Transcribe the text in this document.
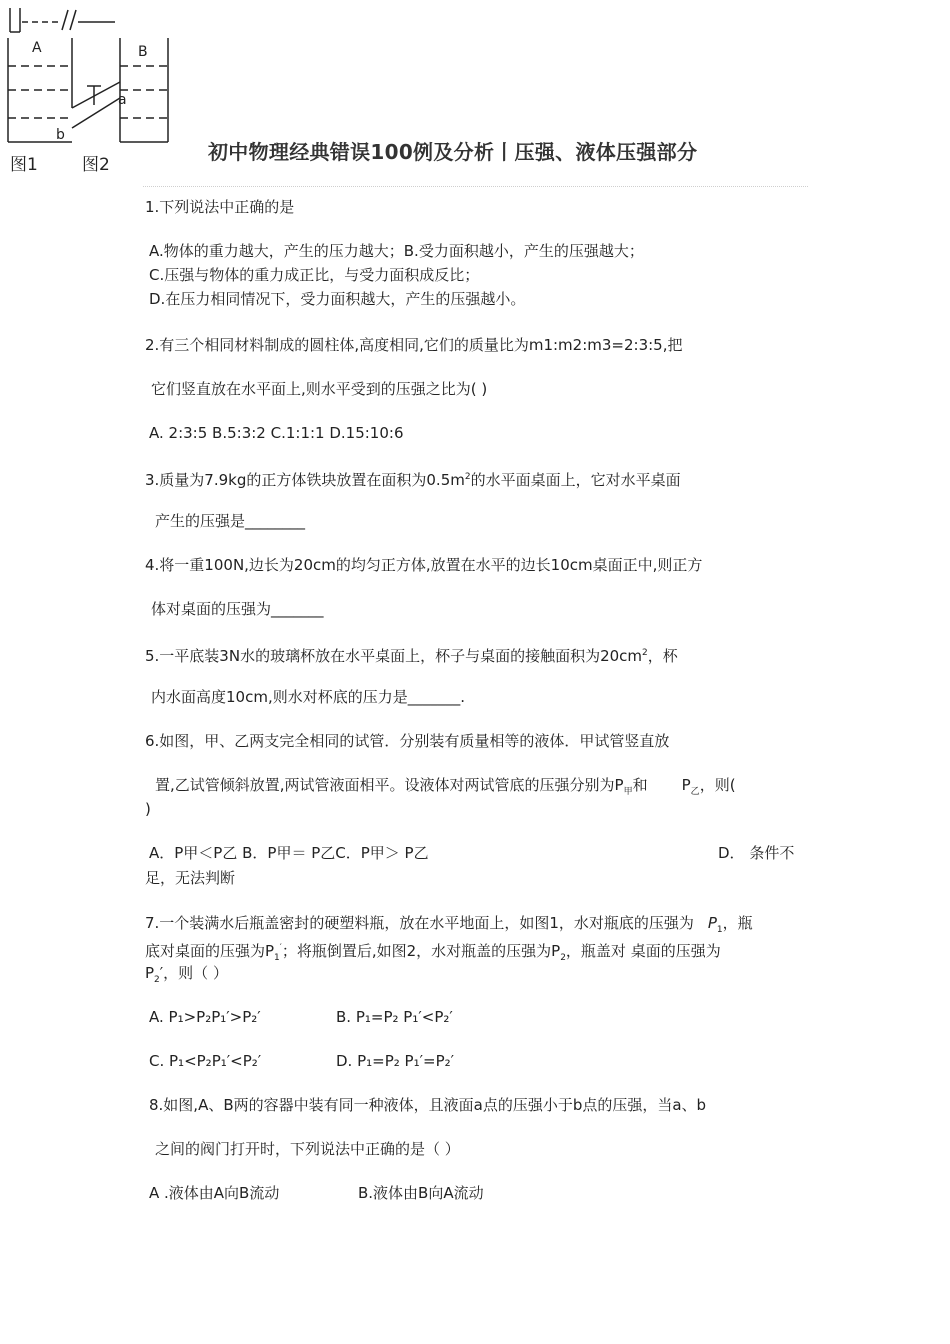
A	B
a
b
图1	图2
初中物理经典错误100例及分析丨压强、液体压强部分
1.下列说法中正确的是
A.物体的重力越大，产生的压力越大；B.受力面积越小，产生的压强越大；
C.压强与物体的重力成正比，与受力面积成反比；
D.在压力相同情况下，受力面积越大，产生的压强越小。
2.有三个相同材料制成的圆柱体,高度相同,它们的质量比为m1:m2:m3=2:3:5,把
它们竖直放在水平面上,则水平受到的压强之比为( )
A. 2:3:5 B.5:3:2 C.1:1:1 D.15:10:6
3.质量为7.9kg的正方体铁块放置在面积为$0.5m^2$的水平面桌面上，它对水平桌面
产生的压强是________
4.将一重100N,边长为20cm的均匀正方体,放置在水平的边长10cm桌面正中,则正方
体对桌面的压强为_______
5.一平底装3N水的玻璃杯放在水平桌面上，杯子与桌面的接触面积为$20cm^2$，杯
内水面高度10cm,则水对杯底的压力是_______.
6.如图，甲、乙两支完全相同的试管．分别装有质量相等的液体．甲试管竖直放
置,乙试管倾斜放置,两试管液面相平。设液体对两试管底的压强分别为$P_甲$和 $P_乙$，则(
)
A．P甲＜P乙 B．P甲＝ P乙C．P甲＞ P乙	D． 条件不
足，无法判断
7.一个装满水后瓶盖密封的硬塑料瓶，放在水平地面上，如图1，水对瓶底的压强为 $P_1$，瓶
底对桌面的压强为$P_1'$；将瓶倒置后,如图2，水对瓶盖的压强为$P_2$，瓶盖对 桌面的压强为
$P_2'$，则（ ）
A. P₁>P₂P₁′>P₂′	B. P₁=P₂ P₁′<P₂′
C. P₁<P₂P₁′<P₂′	D. P₁=P₂ P₁′=P₂′
8.如图,A、B两的容器中装有同一种液体，且液面a点的压强小于b点的压强，当a、b
之间的阀门打开时，下列说法中正确的是（ ）
A .液体由A向B流动	B.液体由B向A流动
